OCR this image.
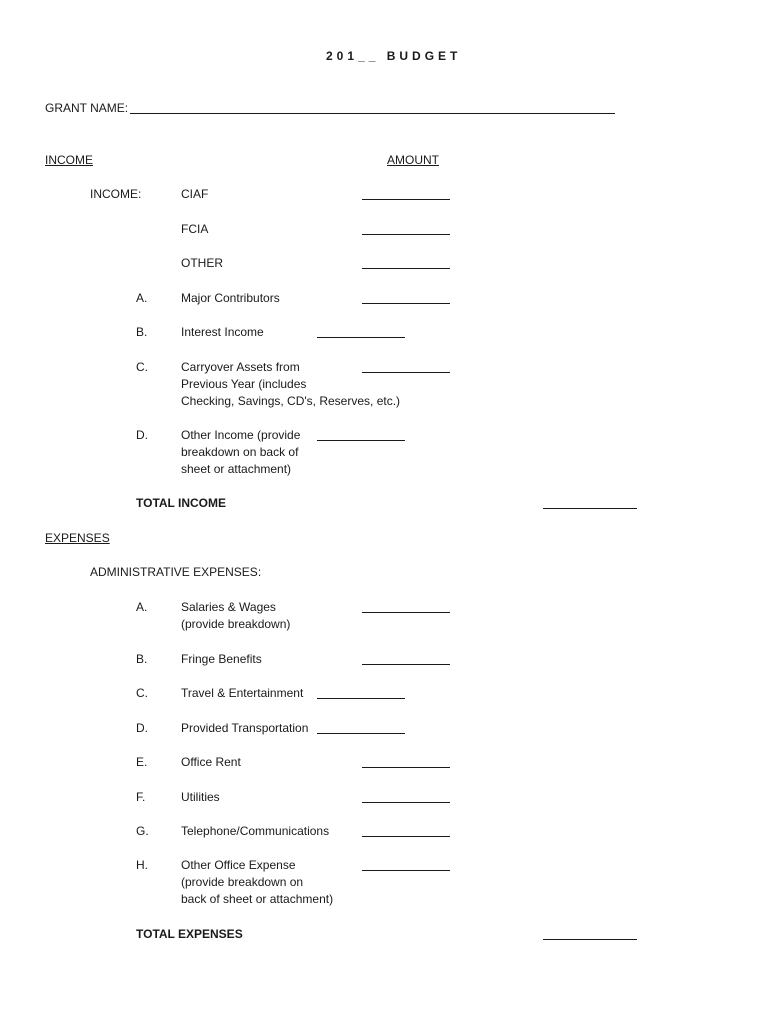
201__ BUDGET
GRANT NAME:
INCOME	AMOUNT
INCOME:	CIAF
FCIA
OTHER
A.	Major Contributors
B.	Interest Income
C.	Carryover Assets from
Previous Year (includes
Checking, Savings, CD's, Reserves, etc.)
D.	Other Income (provide
breakdown on back of
sheet or attachment)
TOTAL INCOME
EXPENSES
ADMINISTRATIVE EXPENSES:
A.	Salaries & Wages
(provide breakdown)
B.	Fringe Benefits
C.	Travel & Entertainment
D.	Provided Transportation
E.	Office Rent
F.	Utilities
G.	Telephone/Communications
H.	Other Office Expense
(provide breakdown on
back of sheet or attachment)
TOTAL EXPENSES
